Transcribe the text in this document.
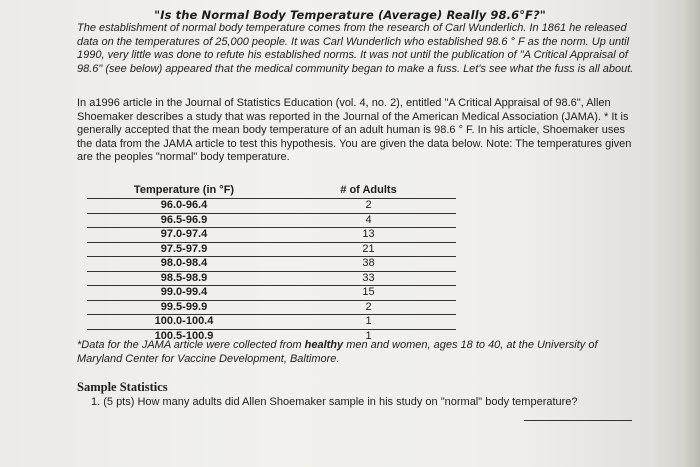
"Is the Normal Body Temperature (Average) Really 98.6°F?"
The establishment of normal body temperature comes from the research of Carl Wunderlich. In 1861 he released data on the temperatures of 25,000 people. It was Carl Wunderlich who established 98.6 ° F as the norm. Up until 1990, very little was done to refute his established norms. It was not until the publication of "A Critical Appraisal of 98.6" (see below) appeared that the medical community began to make a fuss. Let's see what the fuss is all about.
In a1996 article in the Journal of Statistics Education (vol. 4, no. 2), entitled "A Critical Appraisal of 98.6", Allen Shoemaker describes a study that was reported in the Journal of the American Medical Association (JAMA). * It is generally accepted that the mean body temperature of an adult human is 98.6 ° F. In his article, Shoemaker uses the data from the JAMA article to test this hypothesis. You are given the data below. Note: The temperatures given are the peoples "normal" body temperature.
Temperature (in °F)	# of Adults
96.0-96.4	2
96.5-96.9	4
97.0-97.4	13
97.5-97.9	21
98.0-98.4	38
98.5-98.9	33
99.0-99.4	15
99.5-99.9	2
100.0-100.4	1
100.5-100.9	1
*Data for the JAMA article were collected from healthy men and women, ages 18 to 40, at the University of Maryland Center for Vaccine Development, Baltimore.
Sample Statistics
1. (5 pts) How many adults did Allen Shoemaker sample in his study on "normal" body temperature?
